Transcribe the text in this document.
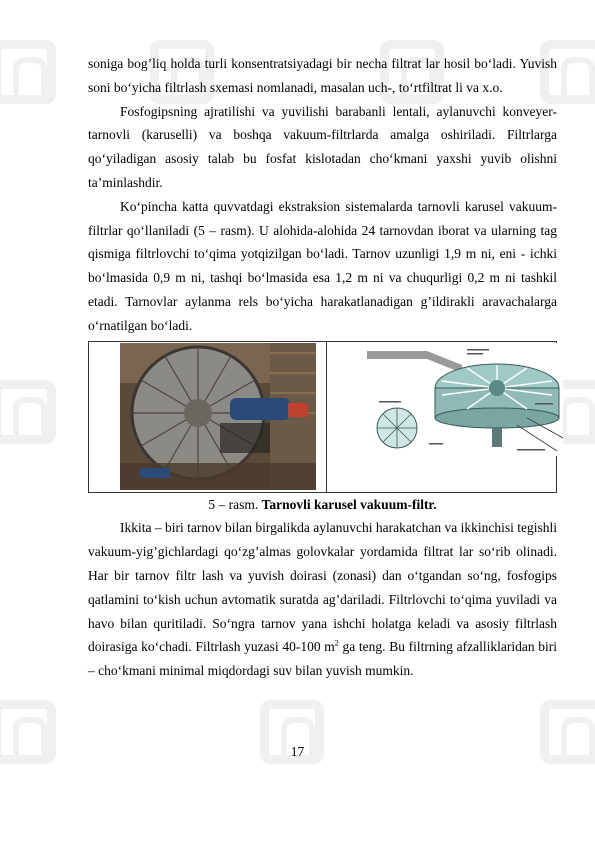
soniga bog’liq holda turli konsentratsiyadagi bir necha filtrat lar hosil bo‘ladi. Yuvish soni bo‘yicha filtrlash sxemasi nomlanadi, masalan uch-, to‘rtfiltrat li va x.o.

Fosfogipsning ajratilishi va yuvilishi barabanli lentali, aylanuvchi konveyer-tarnovli (karuselli) va boshqa vakuum-filtrlarda amalga oshiriladi. Filtrlarga qo‘yiladigan asosiy talab bu fosfat kislotadan cho‘kmani yaxshi yuvib olishni ta’minlashdir.

Ko‘pincha katta quvvatdagi ekstraksion sistemalarda tarnovli karusel vakuum-filtrlar qo‘llaniladi (5 – rasm). U alohida-alohida 24 tarnovdan iborat va ularning tag qismiga filtrlovchi to‘qima yotqizilgan bo‘ladi. Tarnov uzunligi 1,9 m ni, eni - ichki bo‘lmasida 0,9 m ni, tashqi bo‘lmasida esa 1,2 m ni va chuqurligi 0,2 m ni tashkil etadi. Tarnovlar aylanma rels bo‘yicha harakatlanadigan g’ildirakli aravachalarga o‘rnatilgan bo‘ladi.

5 – rasm. Tarnovli karusel vakuum-filtr.

Ikkita – biri tarnov bilan birgalikda aylanuvchi harakatchan va ikkinchisi tegishli vakuum-yig’gichlardagi qo‘zg’almas golovkalar yordamida filtrat lar so‘rib olinadi. Har bir tarnov filtr lash va yuvish doirasi (zonasi) dan o‘tgandan so‘ng, fosfogips qatlamini to‘kish uchun avtomatik suratda ag’dariladi. Filtrlovchi to‘qima yuviladi va havo bilan quritiladi. So‘ngra tarnov yana ishchi holatga keladi va asosiy filtrlash doirasiga ko‘chadi. Filtrlash yuzasi 40-100 $m^2$ ga teng. Bu filtrning afzalliklaridan biri – cho‘kmani minimal miqdordagi suv bilan yuvish mumkin.

17
